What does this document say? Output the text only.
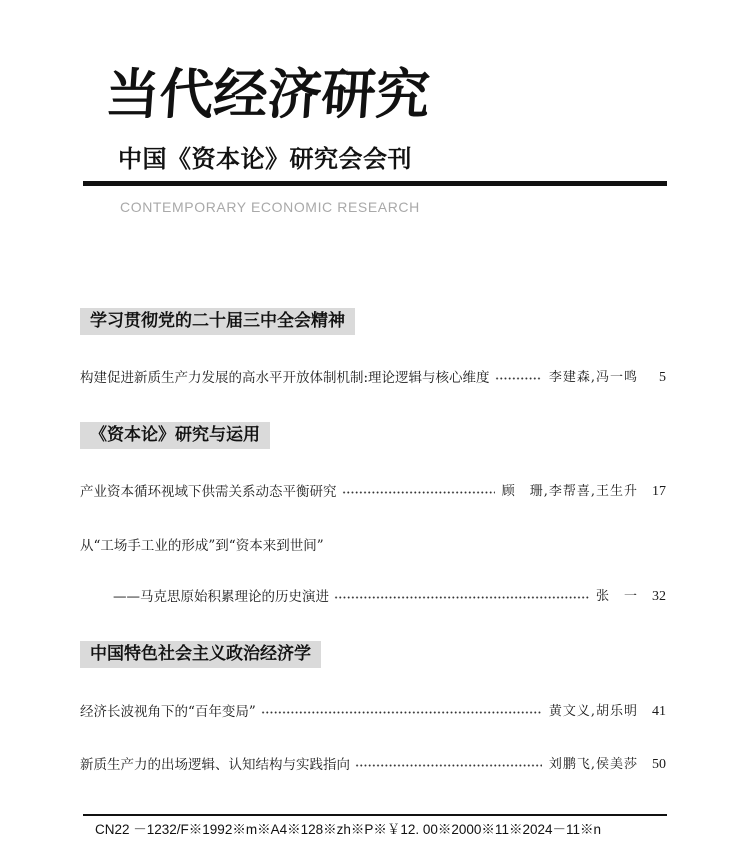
当代经济研究
中国《资本论》研究会会刊
CONTEMPORARY ECONOMIC RESEARCH
学习贯彻党的二十届三中全会精神
构建促进新质生产力发展的高水平开放体制机制:理论逻辑与核心维度	李建森,冯一鸣	5
《资本论》研究与运用
产业资本循环视域下供需关系动态平衡研究	顾　珊,李帮喜,王生升	17
从“工场手工业的形成”到“资本来到世间”
——马克思原始积累理论的历史演进	张　一	32
中国特色社会主义政治经济学
经济长波视角下的“百年变局”	黄文义,胡乐明	41
新质生产力的出场逻辑、认知结构与实践指向	刘鹏飞,侯美莎	50
CN22 －1232/F※1992※m※A4※128※zh※P※￥12. 00※2000※11※2024－11※n
